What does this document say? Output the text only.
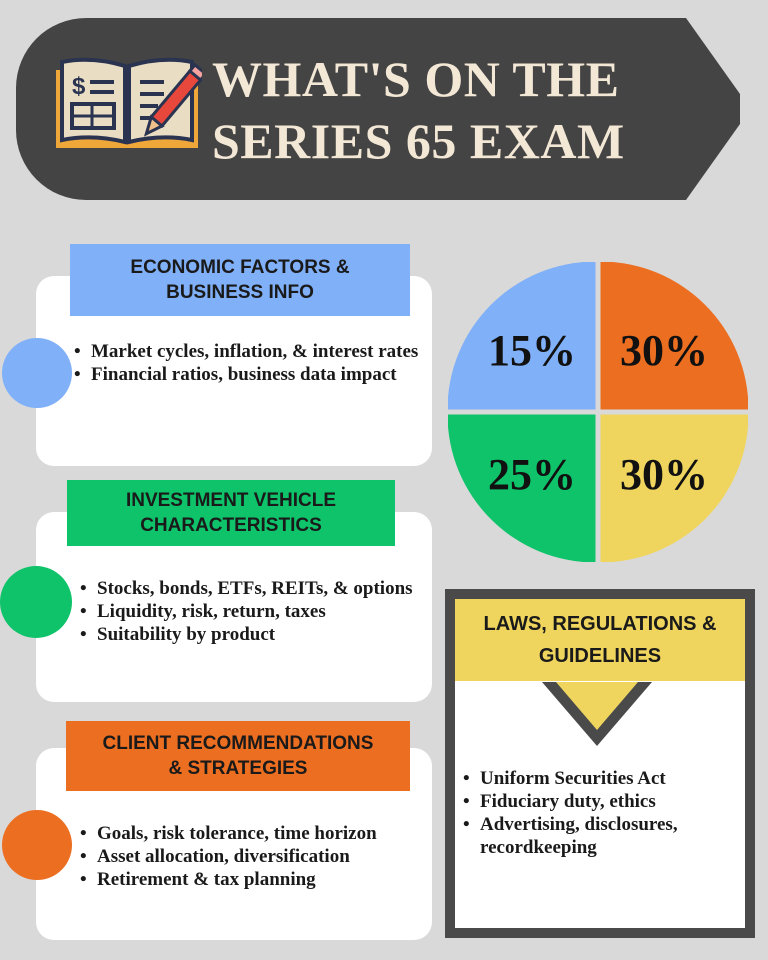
$	WHAT'S ON THE
SERIES 65 EXAM
ECONOMIC FACTORS &
BUSINESS INFO
• Market cycles, inflation, & interest rates
• Financial ratios, business data impact
INVESTMENT VEHICLE
CHARACTERISTICS
• Stocks, bonds, ETFs, REITs, & options
• Liquidity, risk, return, taxes
• Suitability by product
CLIENT RECOMMENDATIONS
& STRATEGIES
• Goals, risk tolerance, time horizon
• Asset allocation, diversification
• Retirement & tax planning
15% 30%
30%
25%
LAWS, REGULATIONS &
GUIDELINES
• Uniform Securities Act
• Fiduciary duty, ethics
• Advertising, disclosures, recordkeeping
